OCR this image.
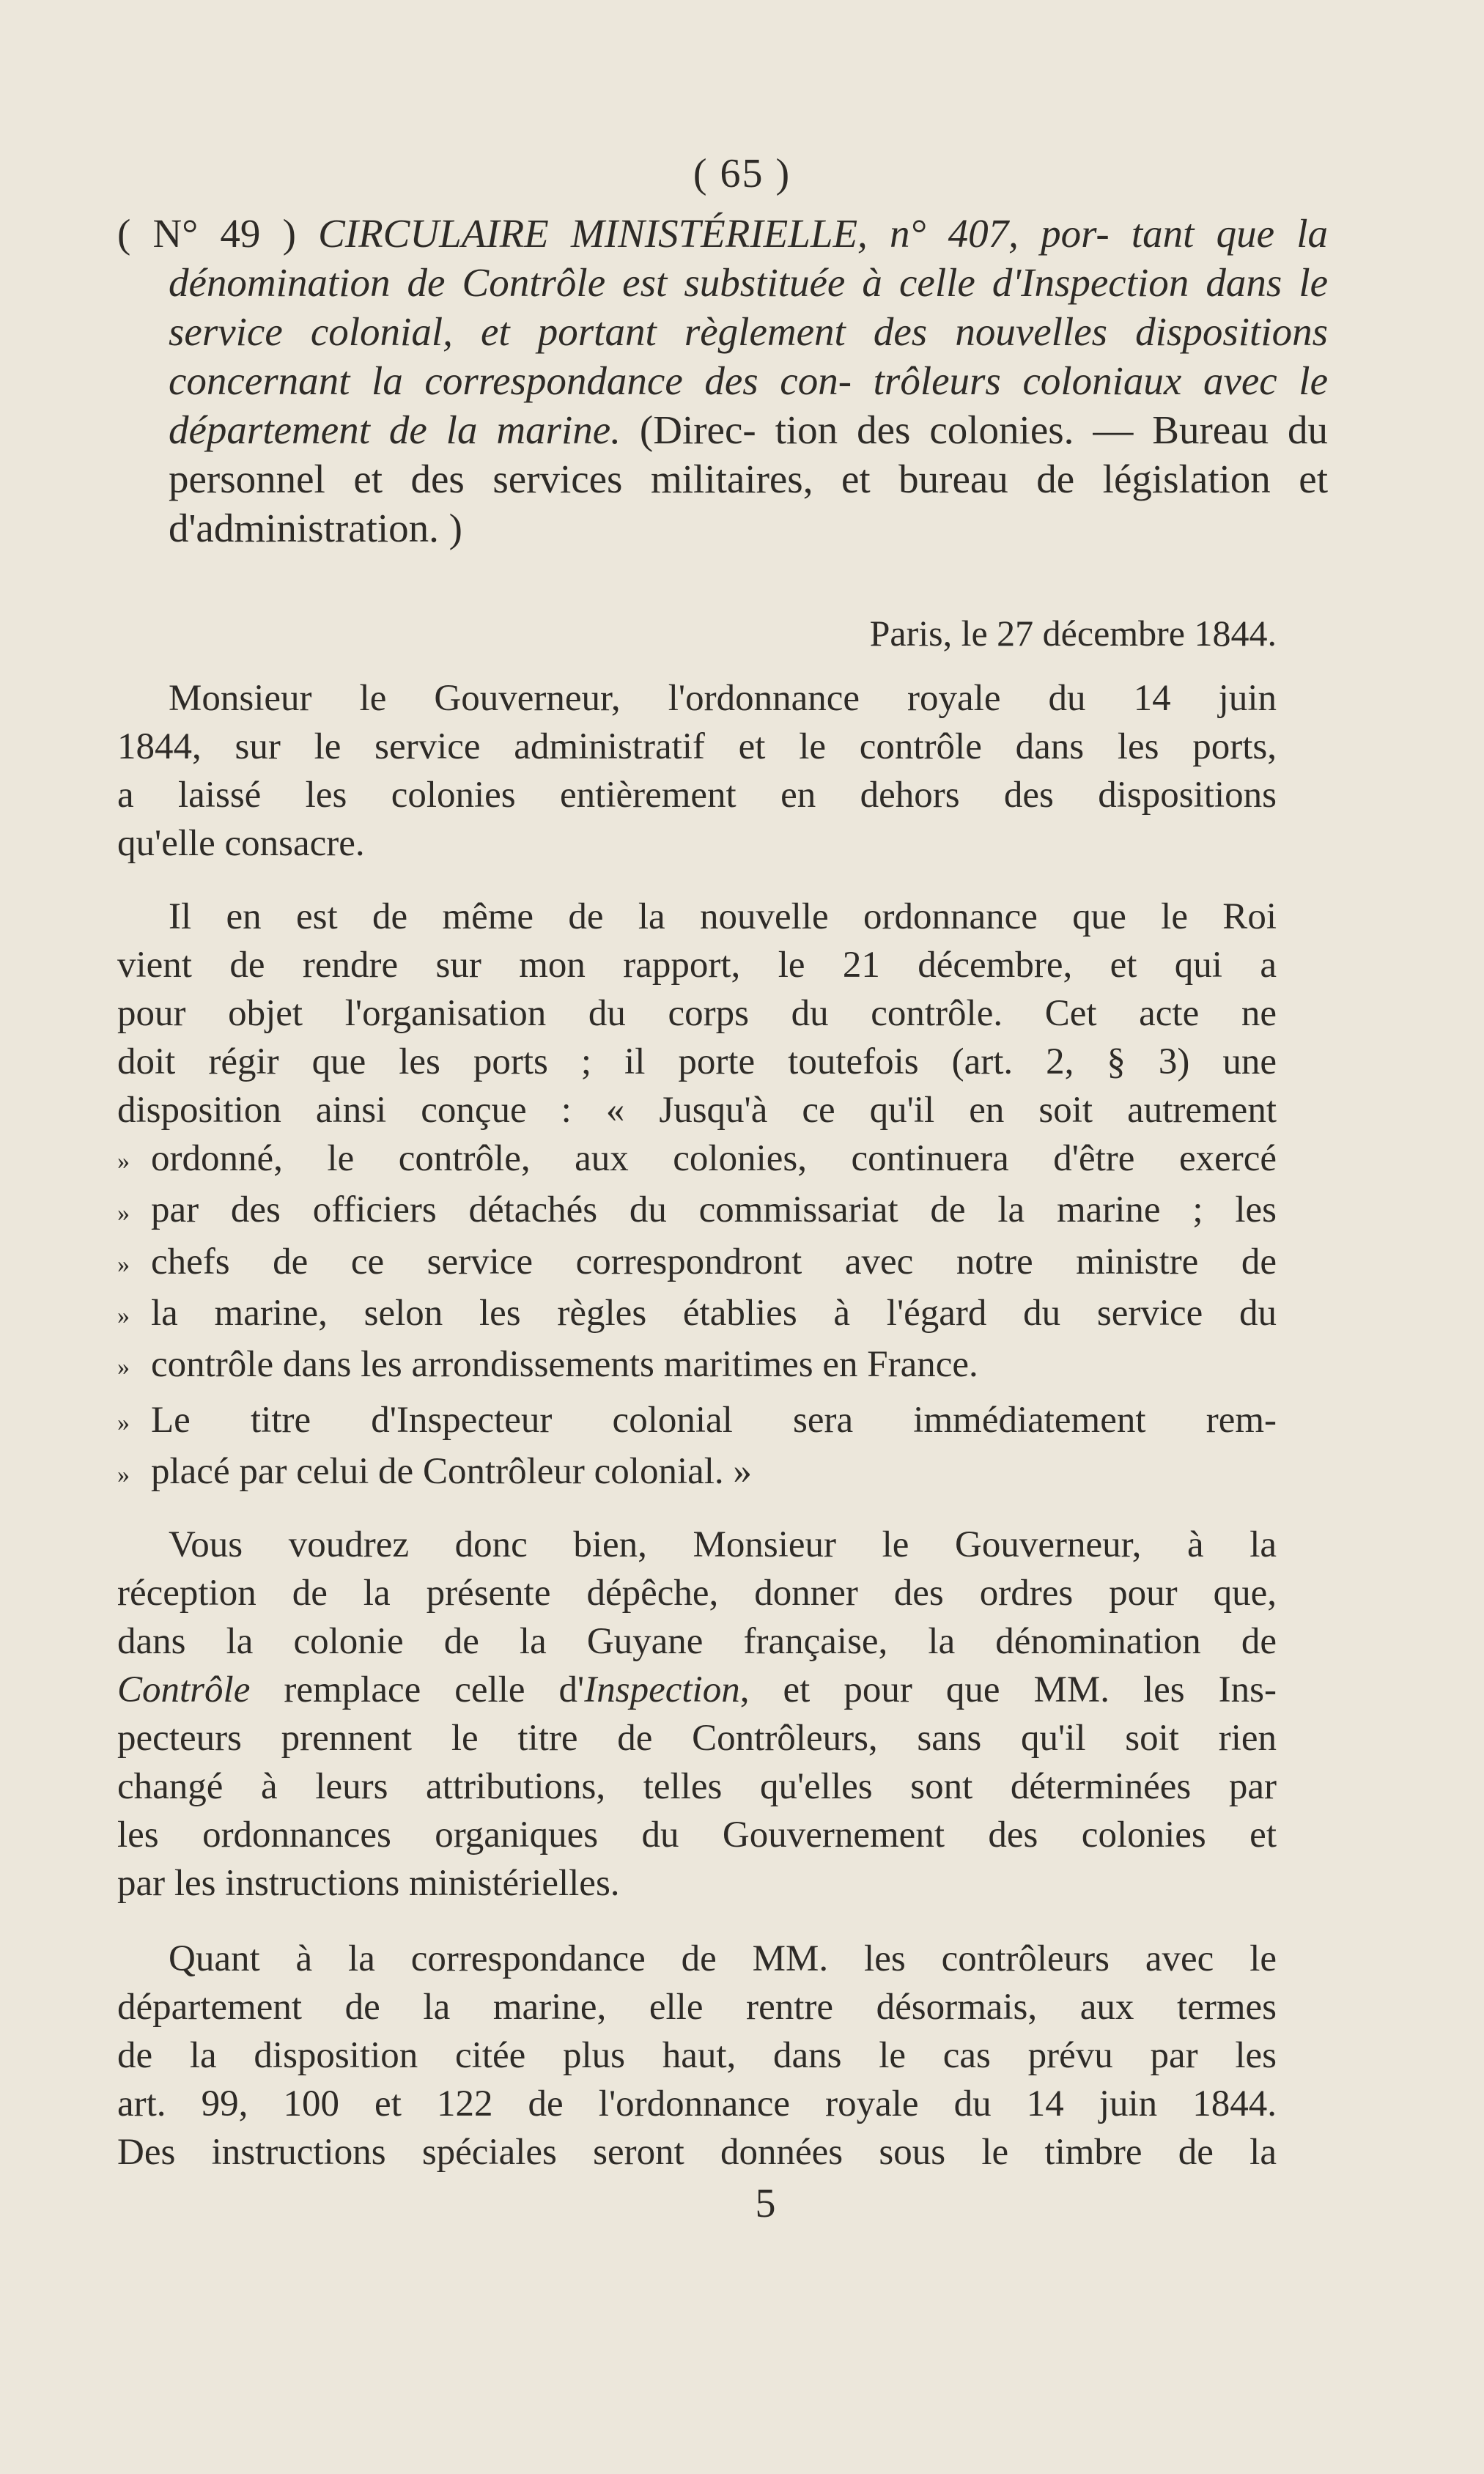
( 65 )
( N° 49 ) CIRCULAIRE MINISTÉRIELLE, n° 407, por- tant que la dénomination de Contrôle est substituée à celle d'Inspection dans le service colonial, et portant règlement des nouvelles dispositions concernant la correspondance des con- trôleurs coloniaux avec le département de la marine. (Direc- tion des colonies. — Bureau du personnel et des services militaires, et bureau de législation et d'administration. )
Paris, le 27 décembre 1844.
Monsieur le Gouverneur, l'ordonnance royale du 14 juin
1844, sur le service administratif et le contrôle dans les ports,
a laissé les colonies entièrement en dehors des dispositions
qu'elle consacre.
Il en est de même de la nouvelle ordonnance que le Roi
vient de rendre sur mon rapport, le 21 décembre, et qui a
pour objet l'organisation du corps du contrôle. Cet acte ne
doit régir que les ports ; il porte toutefois (art. 2, § 3) une
disposition ainsi conçue : « Jusqu'à ce qu'il en soit autrement
» ordonné, le contrôle, aux colonies, continuera d'être exercé
» par des officiers détachés du commissariat de la marine ; les
» chefs de ce service correspondront avec notre ministre de
» la marine, selon les règles établies à l'égard du service du
» contrôle dans les arrondissements maritimes en France.
» Le titre d'Inspecteur colonial sera immédiatement rem-
» placé par celui de Contrôleur colonial. »
Vous voudrez donc bien, Monsieur le Gouverneur, à la
réception de la présente dépêche, donner des ordres pour que,
dans la colonie de la Guyane française, la dénomination de
Contrôle remplace celle d'Inspection, et pour que MM. les Ins-
pecteurs prennent le titre de Contrôleurs, sans qu'il soit rien
changé à leurs attributions, telles qu'elles sont déterminées par
les ordonnances organiques du Gouvernement des colonies et
par les instructions ministérielles.
Quant à la correspondance de MM. les contrôleurs avec le
département de la marine, elle rentre désormais, aux termes
de la disposition citée plus haut, dans le cas prévu par les
art. 99, 100 et 122 de l'ordonnance royale du 14 juin 1844.
Des instructions spéciales seront données sous le timbre de la
5
